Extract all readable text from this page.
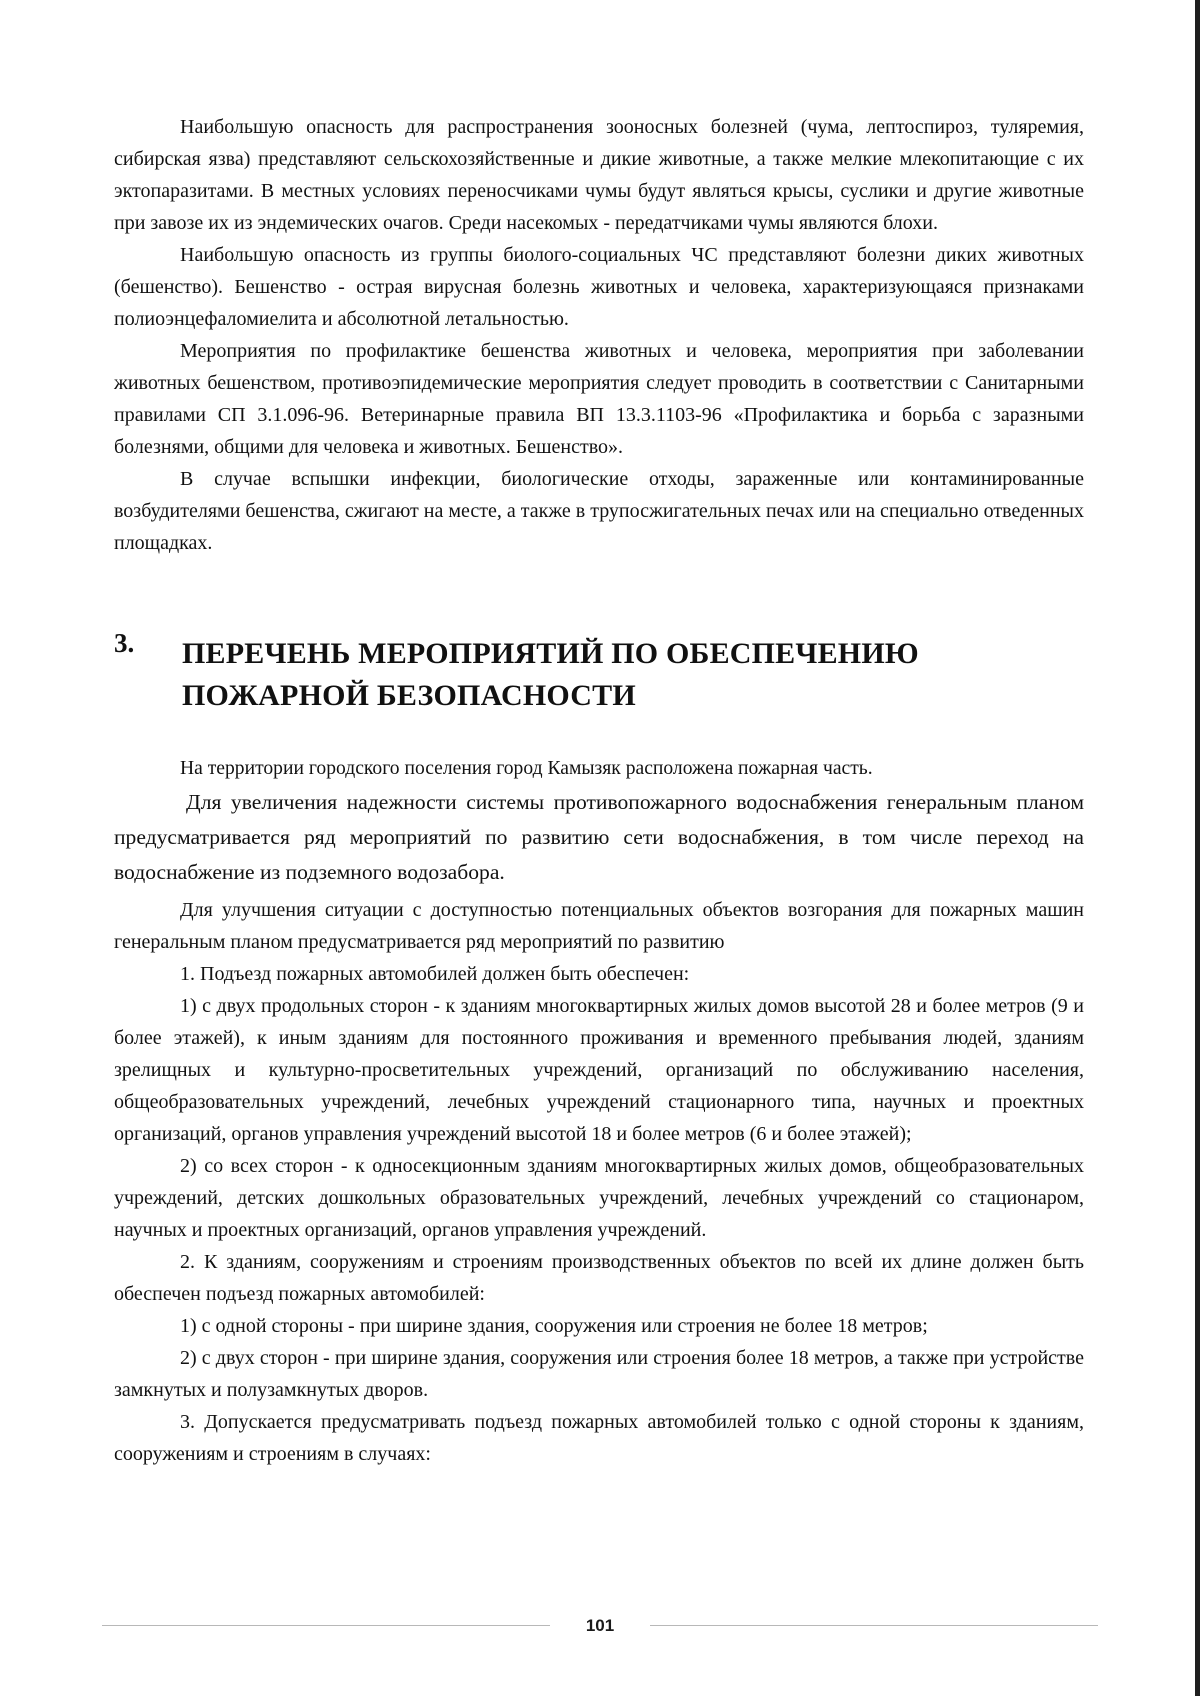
Наибольшую опасность для распространения зооносных болезней (чума, лептоспироз, туляремия, сибирская язва) представляют сельскохозяйственные и дикие животные, а также мелкие млекопитающие с их эктопаразитами. В местных условиях переносчиками чумы будут являться крысы, суслики и другие животные при завозе их из эндемических очагов. Среди насекомых - передатчиками чумы являются блохи.

Наибольшую опасность из группы биолого-социальных ЧС представляют болезни диких животных (бешенство). Бешенство - острая вирусная болезнь животных и человека, характеризующаяся признаками полиоэнцефаломиелита и абсолютной летальностью.

Мероприятия по профилактике бешенства животных и человека, мероприятия при заболевании животных бешенством, противоэпидемические мероприятия следует проводить в соответствии с Санитарными правилами СП 3.1.096-96. Ветеринарные правила ВП 13.3.1103-96 «Профилактика и борьба с заразными болезнями, общими для человека и животных. Бешенство».

В случае вспышки инфекции, биологические отходы, зараженные или контаминированные возбудителями бешенства, сжигают на месте, а также в трупосжигательных печах или на специально отведенных площадках.

3. ПЕРЕЧЕНЬ МЕРОПРИЯТИЙ ПО ОБЕСПЕЧЕНИЮ ПОЖАРНОЙ БЕЗОПАСНОСТИ

На территории городского поселения город Камызяк расположена пожарная часть.

Для увеличения надежности системы противопожарного водоснабжения генеральным планом предусматривается ряд мероприятий по развитию сети водоснабжения, в том числе переход на водоснабжение из подземного водозабора.

Для улучшения ситуации с доступностью потенциальных объектов возгорания для пожарных машин генеральным планом предусматривается ряд мероприятий по развитию

1. Подъезд пожарных автомобилей должен быть обеспечен:

1) с двух продольных сторон - к зданиям многоквартирных жилых домов высотой 28 и более метров (9 и более этажей), к иным зданиям для постоянного проживания и временного пребывания людей, зданиям зрелищных и культурно-просветительных учреждений, организаций по обслуживанию населения, общеобразовательных учреждений, лечебных учреждений стационарного типа, научных и проектных организаций, органов управления учреждений высотой 18 и более метров (6 и более этажей);

2) со всех сторон - к односекционным зданиям многоквартирных жилых домов, общеобразовательных учреждений, детских дошкольных образовательных учреждений, лечебных учреждений со стационаром, научных и проектных организаций, органов управления учреждений.

2. К зданиям, сооружениям и строениям производственных объектов по всей их длине должен быть обеспечен подъезд пожарных автомобилей:

1) с одной стороны - при ширине здания, сооружения или строения не более 18 метров;

2) с двух сторон - при ширине здания, сооружения или строения более 18 метров, а также при устройстве замкнутых и полузамкнутых дворов.

3. Допускается предусматривать подъезд пожарных автомобилей только с одной стороны к зданиям, сооружениям и строениям в случаях:

101
